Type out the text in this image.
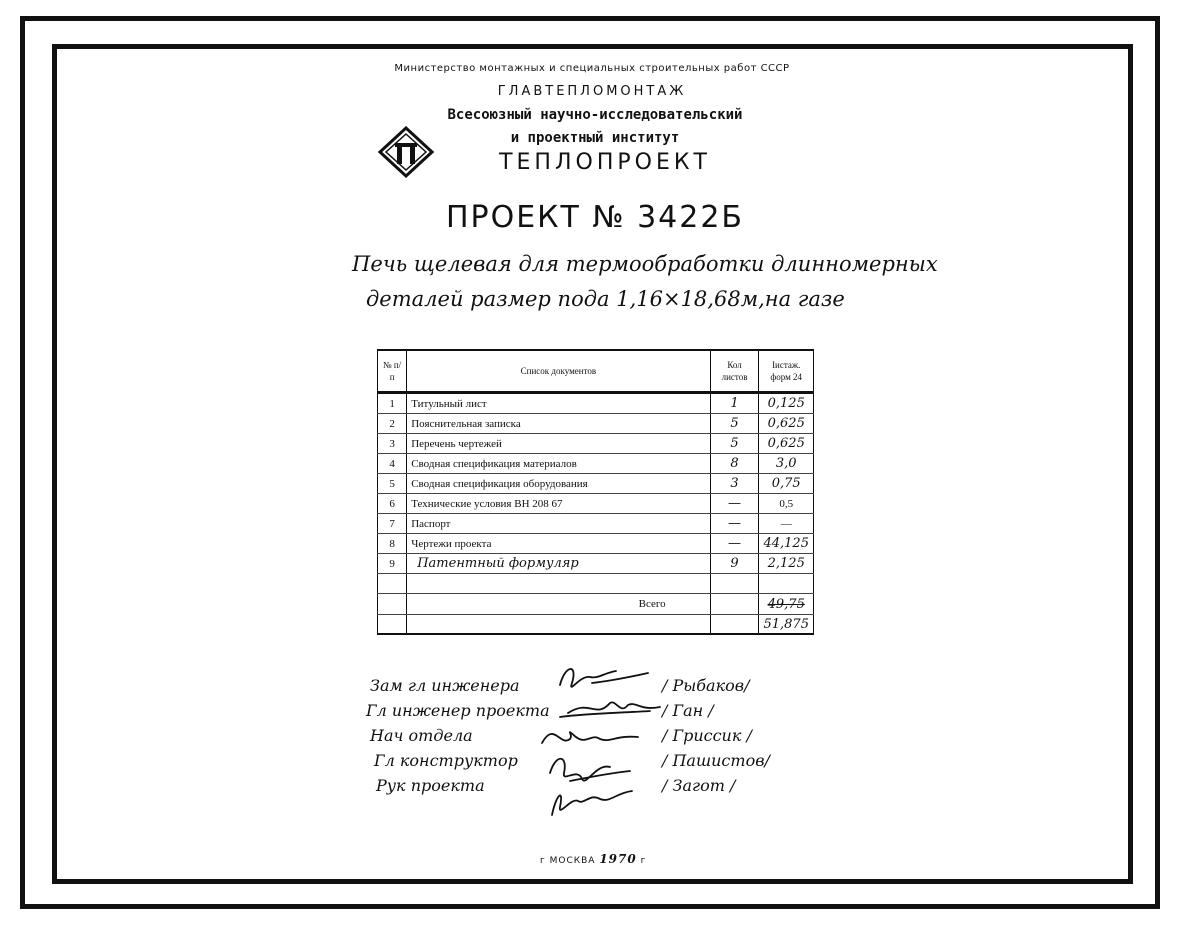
Министерство монтажных и специальных строительных работ СССР
ГЛАВТЕПЛОМОНТАЖ
Всесоюзный научно-исследовательский
и проектный институт
ТЕПЛОПРОЕКТ
ПРОЕКТ № 3422Б
Печь щелевая для термообработки длинномерных
деталей размер пода 1,16×18,68м,на газе
№ п/п	Список документов	Кол листов	Іистаж. форм 24
1	Титульный лист	1	0,125
2	Пояснительная записка	5	0,625
3	Перечень чертежей	5	0,625
4	Сводная спецификация материалов	8	3,0
5	Сводная спецификация оборудования	3	0,75
6	Технические условия ВН 208 67	—	0,5
7	Паспорт	—	—
8	Чертежи проекта	—	44,125
9	Патентный формуляр	9	2,125

	Всего		49,75
			51,875
Зам гл инженера	/ Рыбаков/
Гл инженер проекта	/ Ган /
Нач отдела	/ Гриссик /
Гл конструктор	/ Пашистов/
Рук проекта	/ Загот /
г МОСКВА 1970 г
